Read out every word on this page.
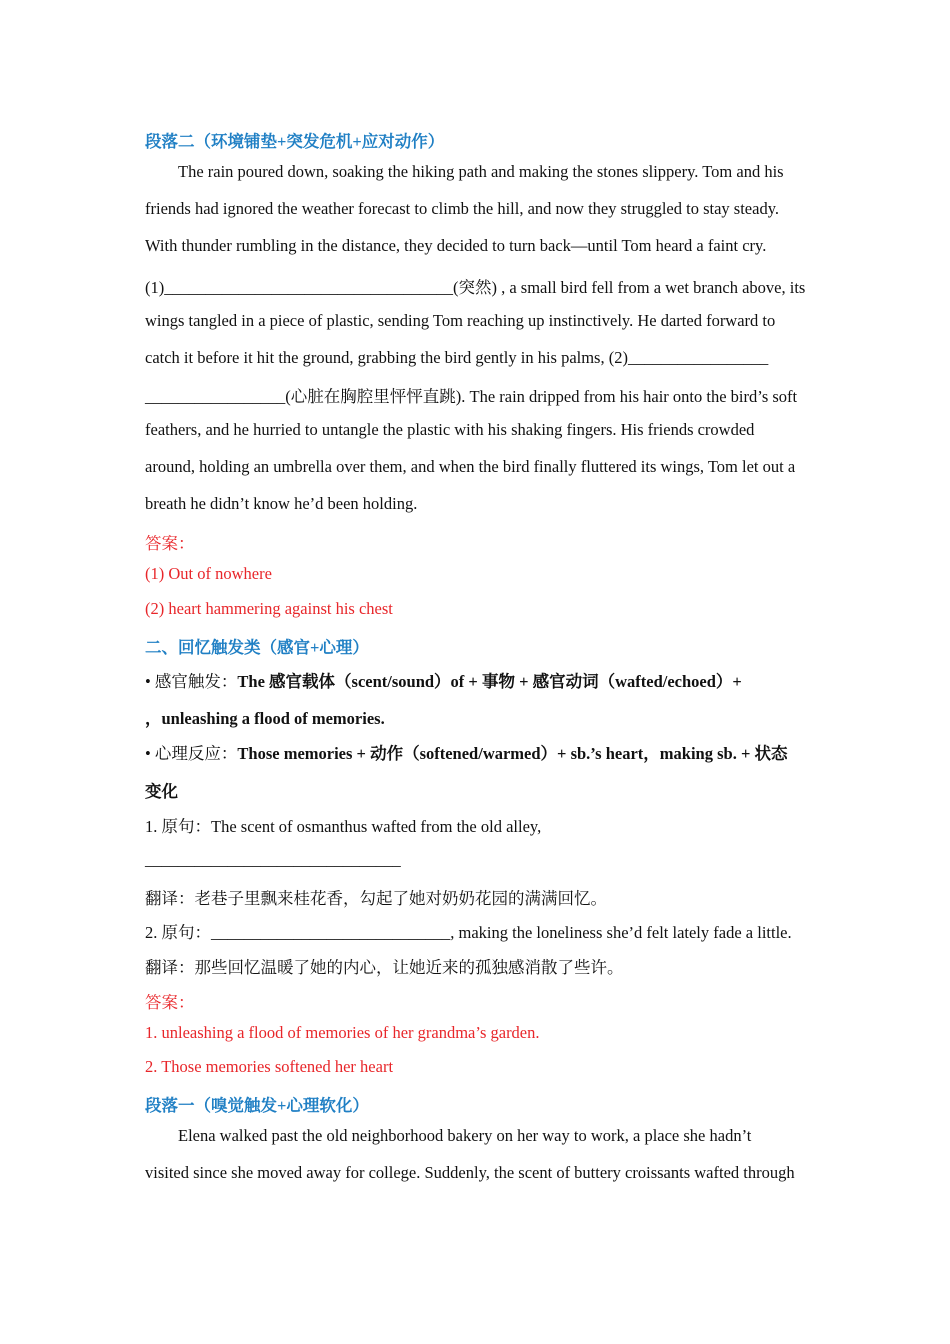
段落二（环境铺垫+突发危机+应对动作）
The rain poured down, soaking the hiking path and making the stones slippery. Tom and his
friends had ignored the weather forecast to climb the hill, and now they struggled to stay steady.
With thunder rumbling in the distance, they decided to turn back—until Tom heard a faint cry.
(1)___________________________________(突然) , a small bird fell from a wet branch above, its
wings tangled in a piece of plastic, sending Tom reaching up instinctively. He darted forward to
catch it before it hit the ground, grabbing the bird gently in his palms, (2)_________________
_________________(心脏在胸腔里怦怦直跳). The rain dripped from his hair onto the bird’s soft
feathers, and he hurried to untangle the plastic with his shaking fingers. His friends crowded
around, holding an umbrella over them, and when the bird finally fluttered its wings, Tom let out a
breath he didn’t know he’d been holding.
答案：
(1) Out of nowhere
(2) heart hammering against his chest
二、回忆触发类（感官+心理）
• 感官触发：The 感官载体（scent/sound）of + 事物 + 感官动词（wafted/echoed）+
，unleashing a flood of memories.
• 心理反应：Those memories + 动作（softened/warmed）+ sb.’s heart，making sb. + 状态
变化
1. 原句：The scent of osmanthus wafted from the old alley,
_______________________________
翻译：老巷子里飘来桂花香，勾起了她对奶奶花园的满满回忆。
2. 原句：_____________________________, making the loneliness she’d felt lately fade a little.
翻译：那些回忆温暖了她的内心，让她近来的孤独感消散了些许。
答案：
1. unleashing a flood of memories of her grandma’s garden.
2. Those memories softened her heart
段落一（嗅觉触发+心理软化）
Elena walked past the old neighborhood bakery on her way to work, a place she hadn’t
visited since she moved away for college. Suddenly, the scent of buttery croissants wafted through
